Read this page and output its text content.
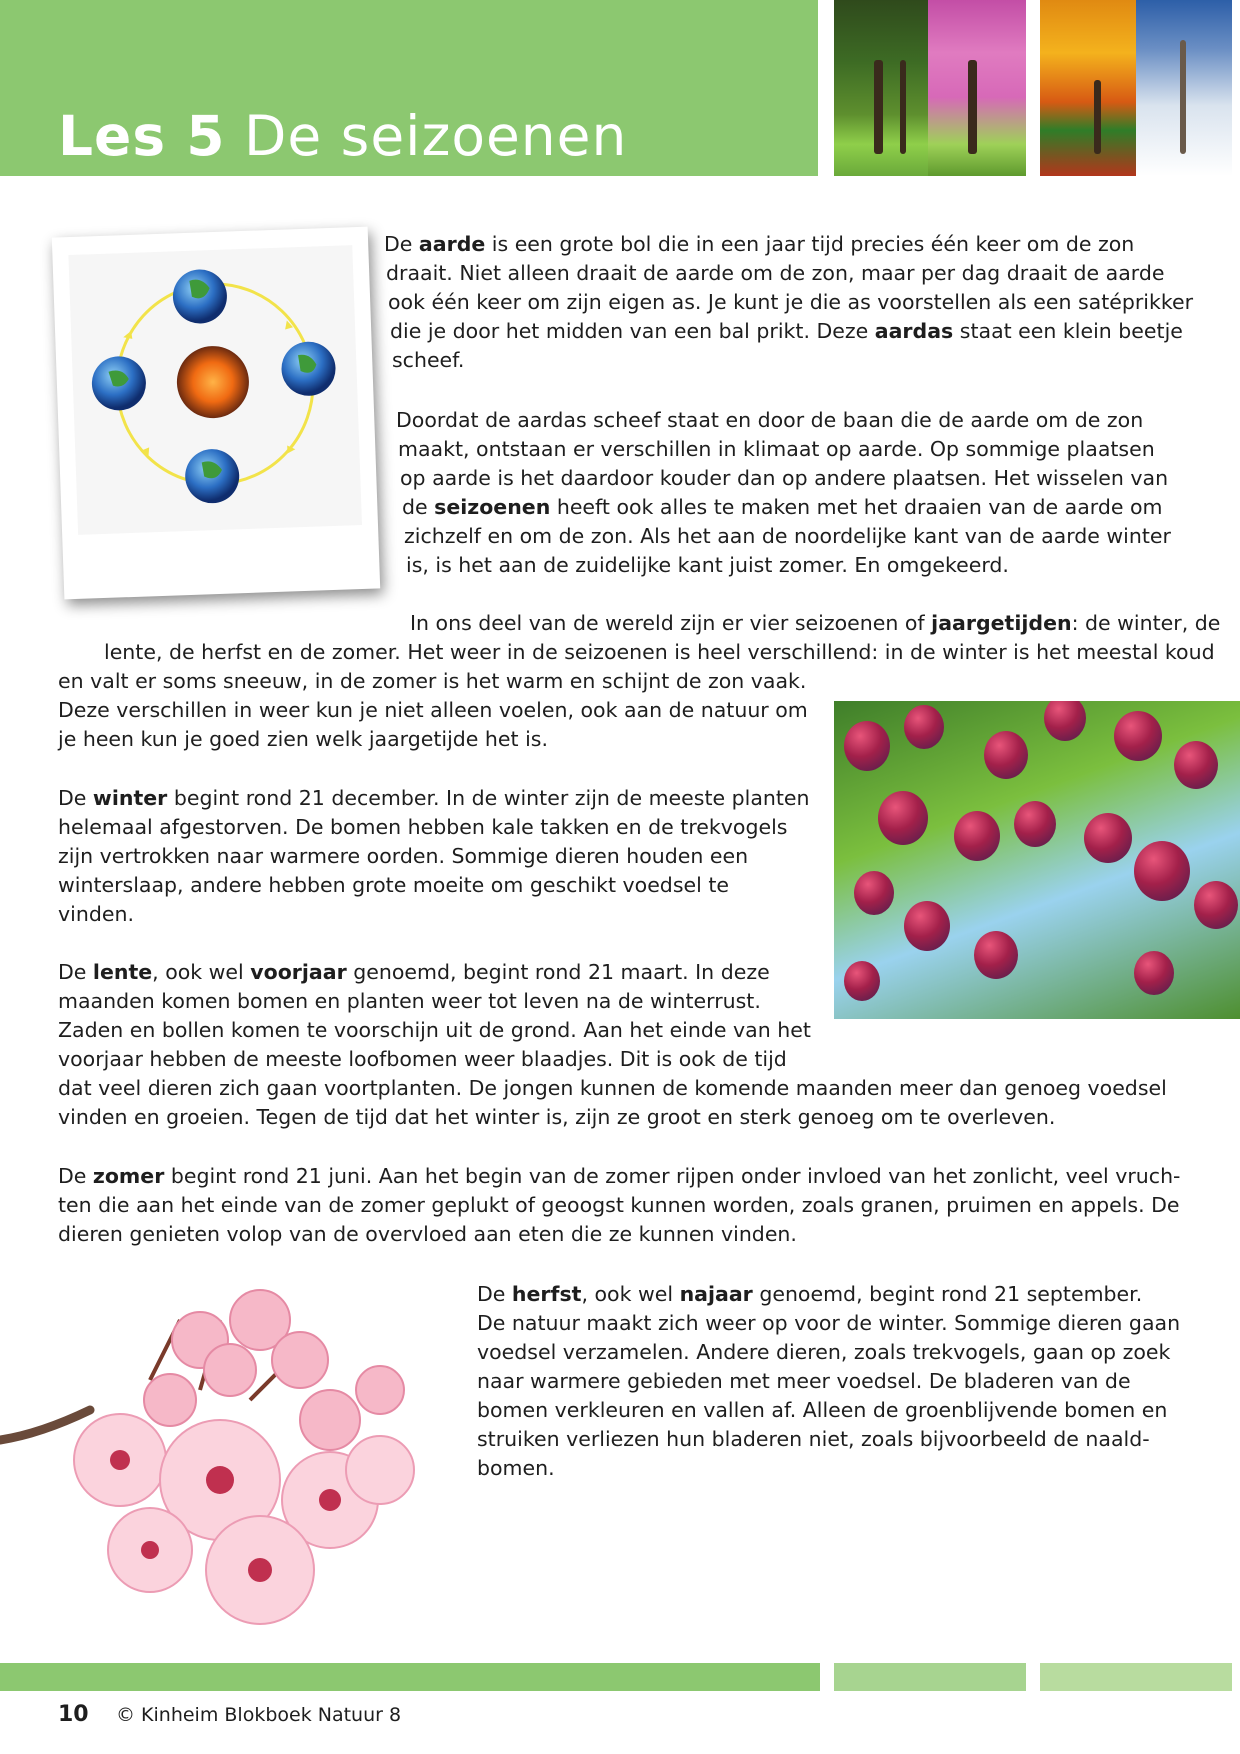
Les 5 De seizoenen
De aarde is een grote bol die in een jaar tijd precies één keer om de zon
draait. Niet alleen draait de aarde om de zon, maar per dag draait de aarde
ook één keer om zijn eigen as. Je kunt je die as voorstellen als een satéprikker
die je door het midden van een bal prikt. Deze aardas staat een klein beetje
scheef.
Doordat de aardas scheef staat en door de baan die de aarde om de zon
maakt, ontstaan er verschillen in klimaat op aarde. Op sommige plaatsen
op aarde is het daardoor kouder dan op andere plaatsen. Het wisselen van
de seizoenen heeft ook alles te maken met het draaien van de aarde om
zichzelf en om de zon. Als het aan de noordelijke kant van de aarde winter
is, is het aan de zuidelijke kant juist zomer. En omgekeerd.
In ons deel van de wereld zijn er vier seizoenen of jaargetijden: de winter, de
lente, de herfst en de zomer. Het weer in de seizoenen is heel verschillend: in de winter is het meestal koud
en valt er soms sneeuw, in de zomer is het warm en schijnt de zon vaak.
Deze verschillen in weer kun je niet alleen voelen, ook aan de natuur om
je heen kun je goed zien welk jaargetijde het is.
De winter begint rond 21 december. In de winter zijn de meeste planten
helemaal afgestorven. De bomen hebben kale takken en de trekvogels
zijn vertrokken naar warmere oorden. Sommige dieren houden een
winterslaap, andere hebben grote moeite om geschikt voedsel te
vinden.
De lente, ook wel voorjaar genoemd, begint rond 21 maart. In deze
maanden komen bomen en planten weer tot leven na de winterrust.
Zaden en bollen komen te voorschijn uit de grond. Aan het einde van het
voorjaar hebben de meeste loofbomen weer blaadjes. Dit is ook de tijd
dat veel dieren zich gaan voortplanten. De jongen kunnen de komende maanden meer dan genoeg voedsel
vinden en groeien. Tegen de tijd dat het winter is, zijn ze groot en sterk genoeg om te overleven.
De zomer begint rond 21 juni. Aan het begin van de zomer rijpen onder invloed van het zonlicht, veel vruch-
ten die aan het einde van de zomer geplukt of geoogst kunnen worden, zoals granen, pruimen en appels. De
dieren genieten volop van de overvloed aan eten die ze kunnen vinden.
De herfst, ook wel najaar genoemd, begint rond 21 september.
De natuur maakt zich weer op voor de winter. Sommige dieren gaan
voedsel verzamelen. Andere dieren, zoals trekvogels, gaan op zoek
naar warmere gebieden met meer voedsel. De bladeren van de
bomen verkleuren en vallen af. Alleen de groenblijvende bomen en
struiken verliezen hun bladeren niet, zoals bijvoorbeeld de naald-
bomen.
10 © Kinheim Blokboek Natuur 8
